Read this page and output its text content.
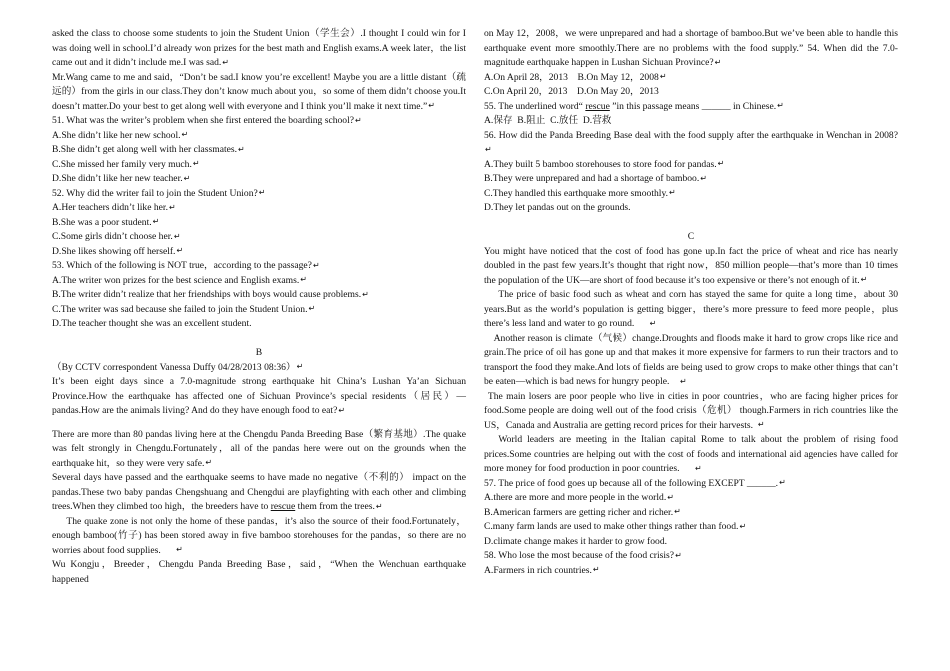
asked the class to choose some students to join the Student Union（学生会）.I thought I could win for I was doing well in school.I’d already won prizes for the best math and English exams.A week later，the list came out and it didn’t include me.I was sad.↵

Mr.Wang came to me and said，“Don’t be sad.I know you’re excellent! Maybe you are a little distant（疏远的）from the girls in our class.They don’t know much about you，so some of them didn’t choose you.It doesn’t matter.Do your best to get along well with everyone and I think you’ll make it next time.”↵

51. What was the writer’s problem when she first entered the boarding school?↵

A.She didn’t like her new school.↵

B.She didn’t get along well with her classmates.↵

C.She missed her family very much.↵

D.She didn’t like her new teacher.↵

52. Why did the writer fail to join the Student Union?↵

A.Her teachers didn’t like her.↵

B.She was a poor student.↵

C.Some girls didn’t choose her.↵

D.She likes showing off herself.↵

53. Which of the following is NOT true，according to the passage?↵

A.The writer won prizes for the best science and English exams.↵

B.The writer didn’t realize that her friendships with boys would cause problems.↵

C.The writer was sad because she failed to join the Student Union.↵

D.The teacher thought she was an excellent student.

B

（By CCTV correspondent Vanessa Duffy 04/28/2013 08:36）↵

It’s been eight days since a 7.0-magnitude strong earthquake hit China’s Lushan Ya’an Sichuan Province.How the earthquake has affected one of Sichuan Province’s special residents（居民）—pandas.How are the animals living? And do they have enough food to eat?↵

There are more than 80 pandas living here at the Chengdu Panda Breeding Base（繁育基地）.The quake was felt strongly in Chengdu.Fortunately，all of the pandas here were out on the grounds when the earthquake hit，so they were very safe.↵

Several days have passed and the earthquake seems to have made no negative（不利的） impact on the pandas.These two baby pandas Chengshuang and Chengdui are playfighting with each other and climbing trees.When they climbed too high，the breeders have to rescue them from the trees.↵

The quake zone is not only the home of these pandas，it’s also the source of their food.Fortunately，enough bamboo(竹子) has been stored away in five bamboo storehouses for the pandas，so there are no worries about food supplies. ↵

Wu Kongju，Breeder，Chengdu Panda Breeding Base，said，“When the Wenchuan earthquake happened

on May 12，2008，we were unprepared and had a shortage of bamboo.But we’ve been able to handle this earthquake event more smoothly.There are no problems with the food supply.” 54. When did the 7.0-magnitude earthquake happen in Lushan Sichuan Province?↵

A.On April 28，2013    B.On May 12，2008↵

C.On April 20，2013    D.On May 20，2013

55. The underlined word“ rescue ”in this passage means ______ in Chinese.↵

A.保存  B.阻止  C.放任  D.营救

56. How did the Panda Breeding Base deal with the food supply after the earthquake in Wenchan in 2008?↵

A.They built 5 bamboo storehouses to store food for pandas.↵

B.They were unprepared and had a shortage of bamboo.↵

C.They handled this earthquake more smoothly.↵

D.They let pandas out on the grounds.

C

You might have noticed that the cost of food has gone up.In fact the price of wheat and rice has nearly doubled in the past few years.It’s thought that right now，850 million people—that’s more than 10 times the population of the UK—are short of food because it’s too expensive or there’s not enough of it.↵

The price of basic food such as wheat and corn has stayed the same for quite a long time，about 30 years.But as the world’s population is getting bigger，there’s more pressure to feed more people，plus there’s less land and water to go round. ↵

Another reason is climate（气候）change.Droughts and floods make it hard to grow crops like rice and grain.The price of oil has gone up and that makes it more expensive for farmers to run their tractors and to transport the food they make.And lots of fields are being used to grow crops to make other things that can’t be eaten—which is bad news for hungry people. ↵

The main losers are poor people who live in cities in poor countries，who are facing higher prices for food.Some people are doing well out of the food crisis（危机） though.Farmers in rich countries like the US，Canada and Australia are getting record prices for their harvests. ↵

World leaders are meeting in the Italian capital Rome to talk about the problem of rising food prices.Some countries are helping out with the cost of foods and international aid agencies have called for more money for food production in poor countries. ↵

57. The price of food goes up because all of the following EXCEPT ______.↵

A.there are more and more people in the world.↵

B.American farmers are getting richer and richer.↵

C.many farm lands are used to make other things rather than food.↵

D.climate change makes it harder to grow food.

58. Who lose the most because of the food crisis?↵

A.Farmers in rich countries.↵
